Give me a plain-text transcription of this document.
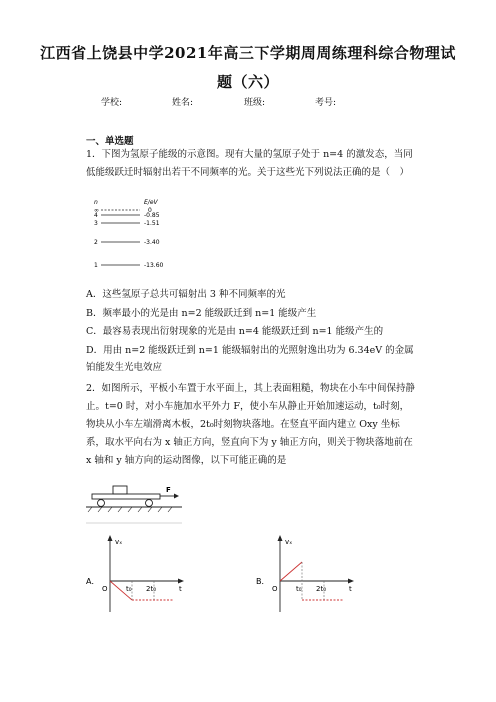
江西省上饶县中学2021年高三下学期周周练理科综合物理试
题（六）
学校:	姓名:	班级:	考号:
一、单选题
1．下图为氢原子能级的示意图。现有大量的氢原子处于 n=4 的激发态，当同低能级跃迁时辐射出若干不同频率的光。关于这些光下列说法正确的是（　）
n	E/eV
∞
4
3
2
1
0
-0.85
-1.51
-3.40
-13.60
A．这些氢原子总共可辐射出 3 种不同频率的光
B．频率最小的光是由 n=2 能级跃迁到 n=1 能级产生
C．最容易表现出衍射现象的光是由 n=4 能级跃迁到 n=1 能级产生的
D．用由 n=2 能级跃迁到 n=1 能级辐射出的光照射逸出功为 6.34eV 的金属铂能发生光电效应
2．如图所示，平板小车置于水平面上，其上表面粗糙，物块在小车中间保持静止。t=0 时，对小车施加水平外力 F，使小车从静止开始加速运动，t₀时刻，物块从小车左端滑离木板，2t₀时刻物块落地。在竖直平面内建立 Oxy 坐标系，取水平向右为 x 轴正方向，竖直向下为 y 轴正方向，则关于物块落地前在 x 轴和 y 轴方向的运动图像，以下可能正确的是
F
A．
vₓ
O	t
t₀ 2t₀
B．
vₓ
O	t
t₀ 2t₀
